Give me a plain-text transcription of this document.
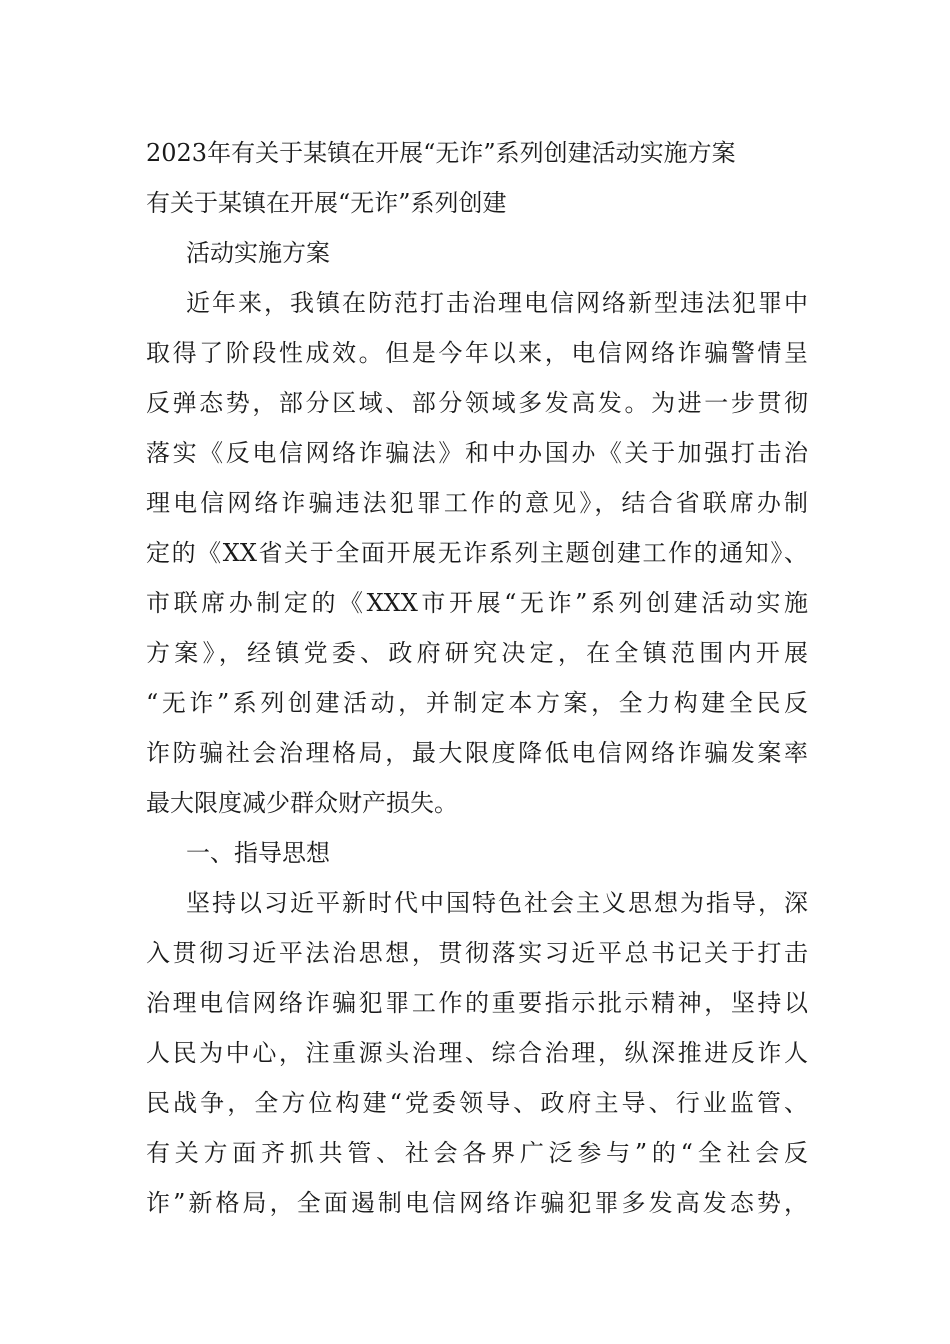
2023年有关于某镇在开展“无诈”系列创建活动实施方案
有关于某镇在开展“无诈”系列创建
活动实施方案
近年来，我镇在防范打击治理电信网络新型违法犯罪中
取得了阶段性成效。但是今年以来，电信网络诈骗警情呈
反弹态势，部分区域、部分领域多发高发。为进一步贯彻
落实《反电信网络诈骗法》和中办国办《关于加强打击治
理电信网络诈骗违法犯罪工作的意见》，结合省联席办制
定的《XX省关于全面开展无诈系列主题创建工作的通知》、
市联席办制定的《XXX市开展“无诈”系列创建活动实施
方案》，经镇党委、政府研究决定，在全镇范围内开展
“无诈”系列创建活动，并制定本方案，全力构建全民反
诈防骗社会治理格局，最大限度降低电信网络诈骗发案率
最大限度减少群众财产损失。
一、指导思想
坚持以习近平新时代中国特色社会主义思想为指导，深
入贯彻习近平法治思想，贯彻落实习近平总书记关于打击
治理电信网络诈骗犯罪工作的重要指示批示精神，坚持以
人民为中心，注重源头治理、综合治理，纵深推进反诈人
民战争，全方位构建“党委领导、政府主导、行业监管、
有关方面齐抓共管、社会各界广泛参与”的“全社会反
诈”新格局，全面遏制电信网络诈骗犯罪多发高发态势，
